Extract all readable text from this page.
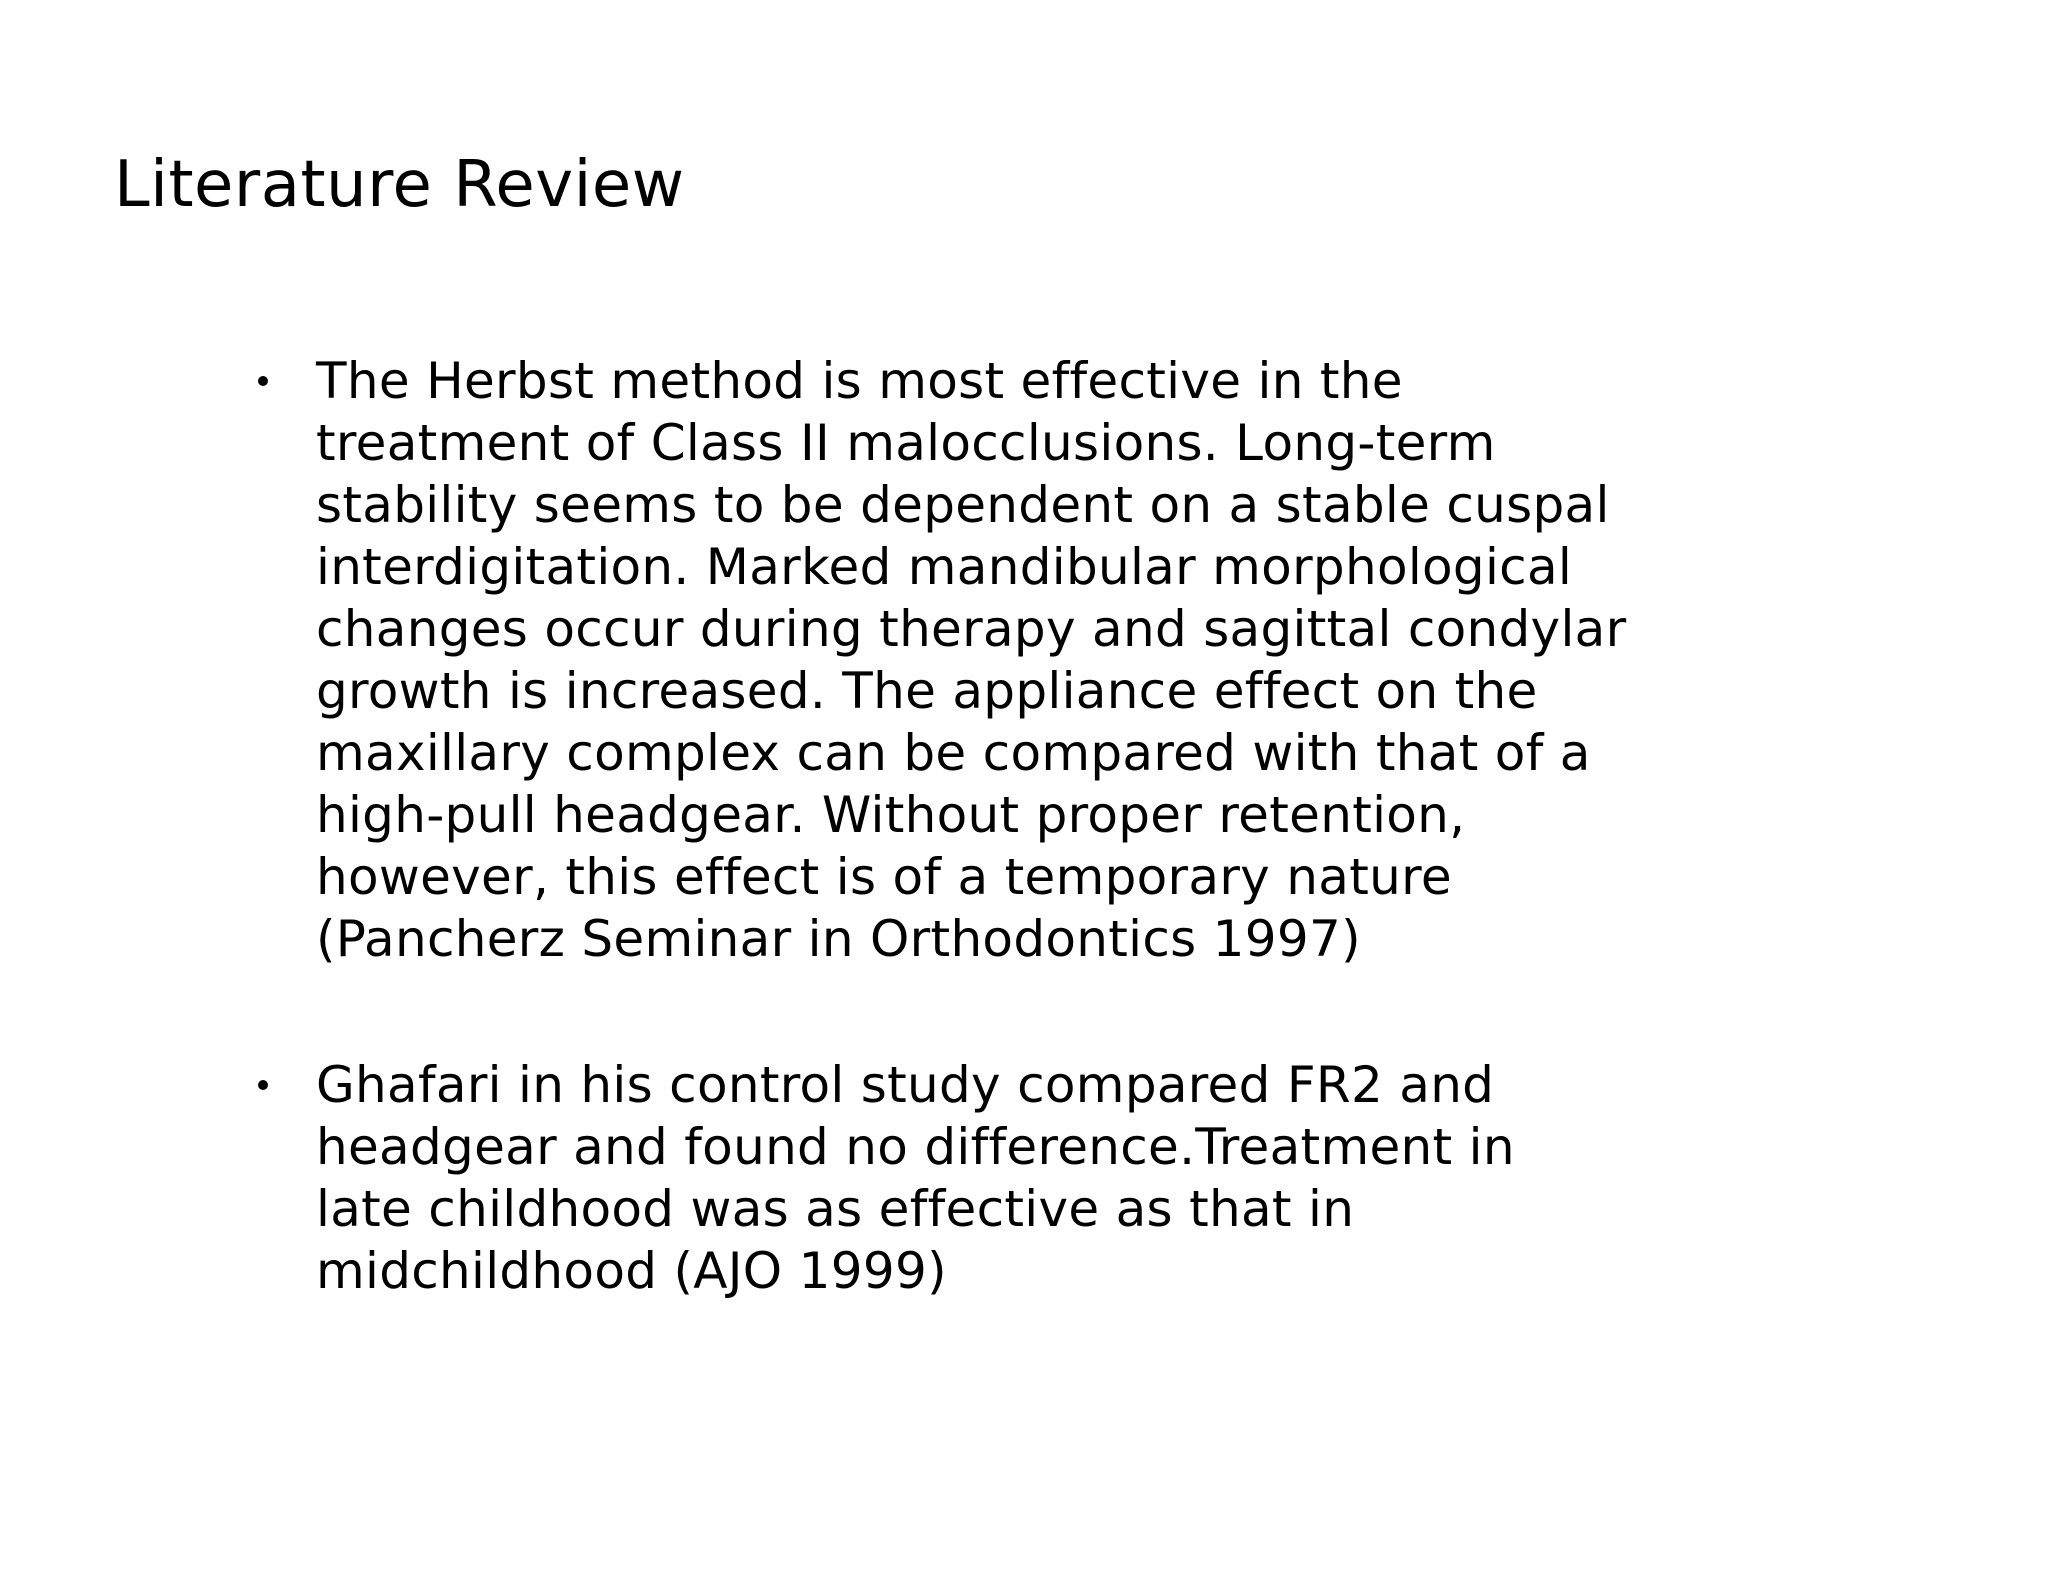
Literature Review
The Herbst method is most effective in the
treatment of Class II malocclusions. Long-term
stability seems to be dependent on a stable cuspal
interdigitation. Marked mandibular morphological
changes occur during therapy and sagittal condylar
growth is increased. The appliance effect on the
maxillary complex can be compared with that of a
high-pull headgear. Without proper retention,
however, this effect is of a temporary nature
(Pancherz Seminar in Orthodontics 1997)
Ghafari in his control study compared FR2 and
headgear and found no difference.Treatment in
late childhood was as effective as that in
midchildhood (AJO 1999)
